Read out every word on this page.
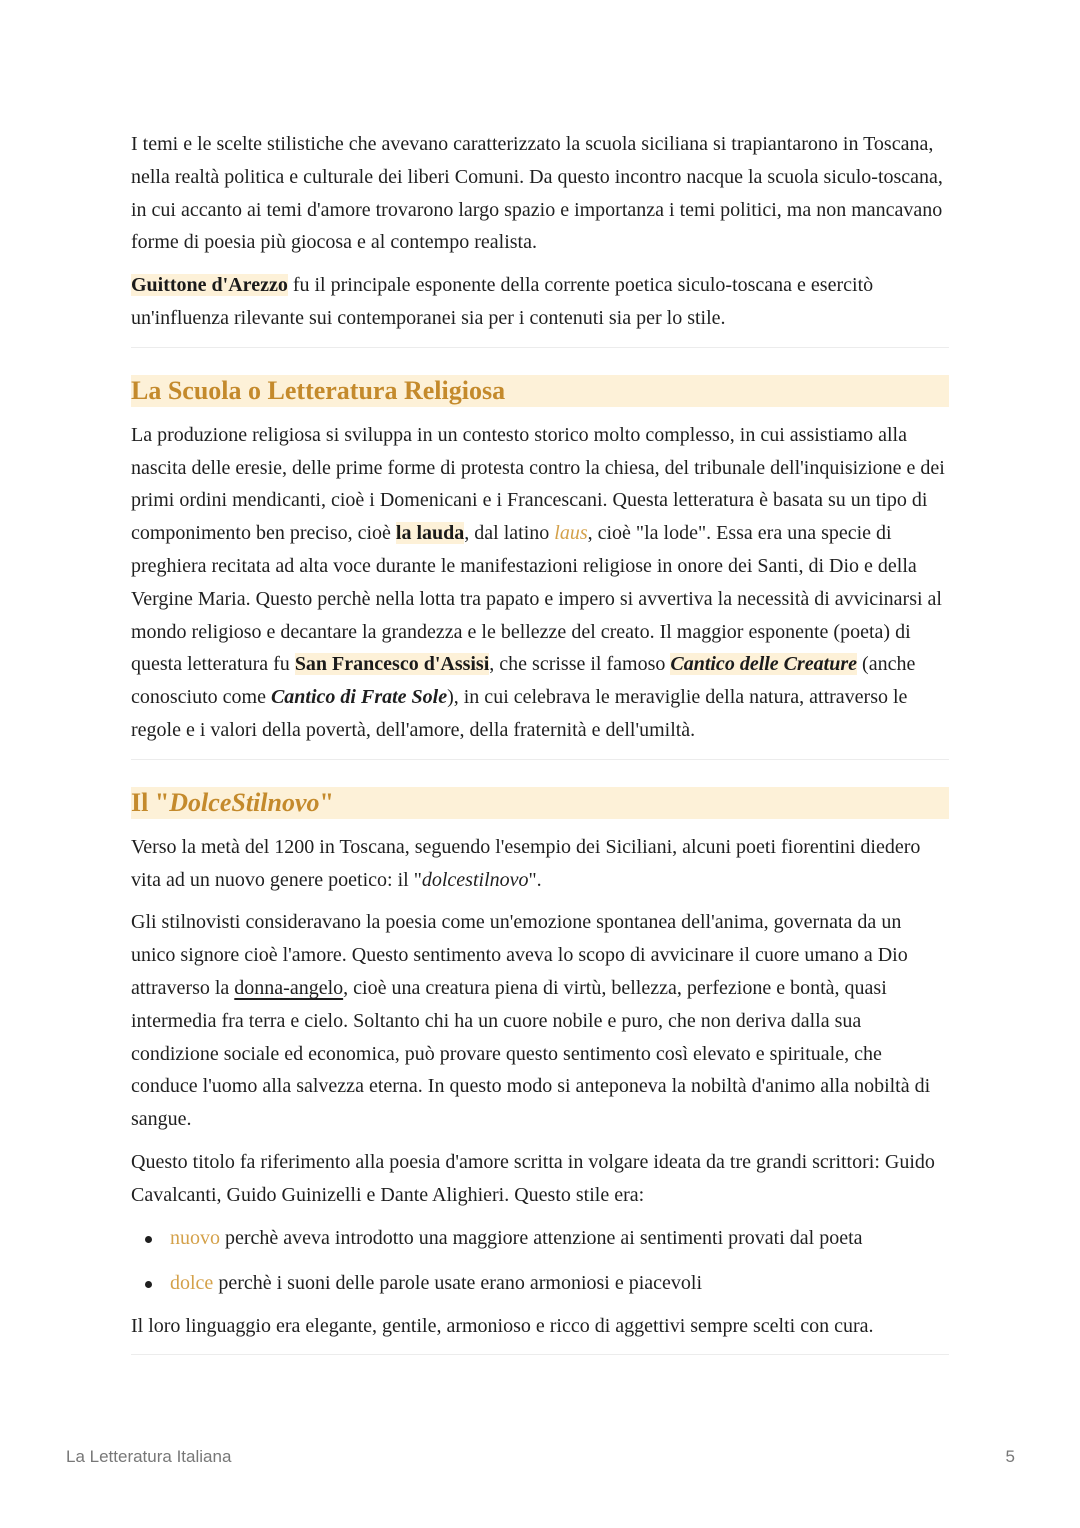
I temi e le scelte stilistiche che avevano caratterizzato la scuola siciliana si trapiantarono in Toscana, nella realtà politica e culturale dei liberi Comuni. Da questo incontro nacque la scuola siculo-toscana, in cui accanto ai temi d'amore trovarono largo spazio e importanza i temi politici, ma non mancavano forme di poesia più giocosa e al contempo realista.

Guittone d'Arezzo fu il principale esponente della corrente poetica siculo-toscana e esercitò un'influenza rilevante sui contemporanei sia per i contenuti sia per lo stile.

La Scuola o Letteratura Religiosa

La produzione religiosa si sviluppa in un contesto storico molto complesso, in cui assistiamo alla nascita delle eresie, delle prime forme di protesta contro la chiesa, del tribunale dell'inquisizione e dei primi ordini mendicanti, cioè i Domenicani e i Francescani. Questa letteratura è basata su un tipo di componimento ben preciso, cioè la lauda, dal latino laus, cioè "la lode". Essa era una specie di preghiera recitata ad alta voce durante le manifestazioni religiose in onore dei Santi, di Dio e della Vergine Maria. Questo perchè nella lotta tra papato e impero si avvertiva la necessità di avvicinarsi al mondo religioso e decantare la grandezza e le bellezze del creato. Il maggior esponente (poeta) di questa letteratura fu San Francesco d'Assisi, che scrisse il famoso Cantico delle Creature (anche conosciuto come Cantico di Frate Sole), in cui celebrava le meraviglie della natura, attraverso le regole e i valori della povertà, dell'amore, della fraternità e dell'umiltà.

Il "DolceStilnovo"

Verso la metà del 1200 in Toscana, seguendo l'esempio dei Siciliani, alcuni poeti fiorentini diedero vita ad un nuovo genere poetico: il "dolcestilnovo".

Gli stilnovisti consideravano la poesia come un'emozione spontanea dell'anima, governata da un unico signore cioè l'amore. Questo sentimento aveva lo scopo di avvicinare il cuore umano a Dio attraverso la donna-angelo, cioè una creatura piena di virtù, bellezza, perfezione e bontà, quasi intermedia fra terra e cielo. Soltanto chi ha un cuore nobile e puro, che non deriva dalla sua condizione sociale ed economica, può provare questo sentimento così elevato e spirituale, che conduce l'uomo alla salvezza eterna. In questo modo si anteponeva la nobiltà d'animo alla nobiltà di sangue.

Questo titolo fa riferimento alla poesia d'amore scritta in volgare ideata da tre grandi scrittori: Guido Cavalcanti, Guido Guinizelli e Dante Alighieri. Questo stile era:

nuovo perchè aveva introdotto una maggiore attenzione ai sentimenti provati dal poeta
dolce perchè i suoni delle parole usate erano armoniosi e piacevoli

Il loro linguaggio era elegante, gentile, armonioso e ricco di aggettivi sempre scelti con cura.

La Letteratura Italiana	5
